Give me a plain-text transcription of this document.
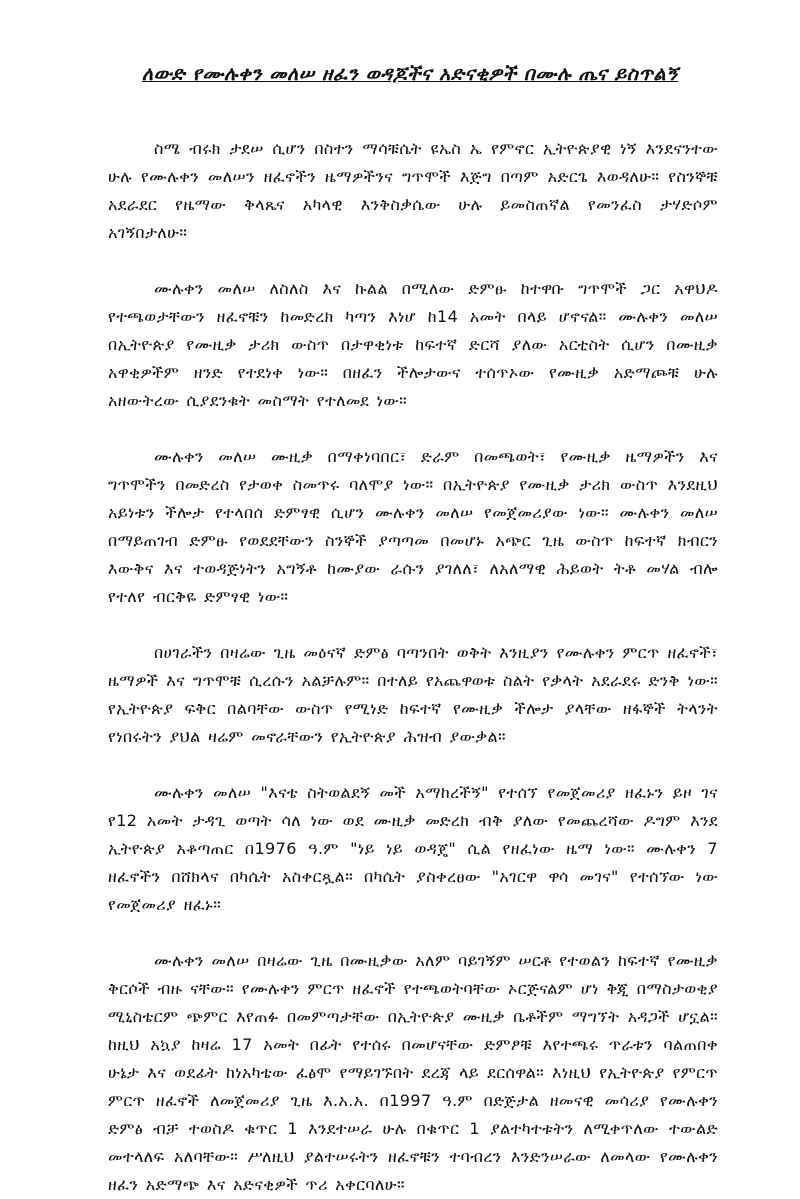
ለውድ የሙሉቀን መለሠ ዘፈን ወዳጆችና አድናቂዎች በሙሉ ጤና ይስጥልኝ

ስሜ ብሩክ ታደሠ ሲሆን በስተን ማሳቹሴት ዩኤስ ኤ የምኖር ኢትዮጵያዊ ነኝ እንደናንተው ሁሉ የሙሉቀን መለሠን ዘፈኖችን ዜማዎችንና ግጥሞች እጅግ በጣም አድርጌ እወዳለሁ። የስንኞቹ አደራደር የዜማው ቅላጼና አካላዊ እንቅስቃሴው ሁሉ ይመስጠኛል የመንፈስ ታሃድሶም አገኝበታለሁ።

ሙሉቀን መለሠ ለስለስ እና ኩልል በሚለው ድምፁ ከተዋቡ ግጥሞች ጋር አዋህዶ የተጫወታቸውን ዘፈኖቹን ከመድረክ ካጣን እነሆ ከ14 አመት በላይ ሆኖናል። ሙሉቀን መለሠ በኢትዮጵያ የሙዚቃ ታሪክ ውስጥ በታዋቂነቱ ከፍተኛ ድርሻ ያለው አርቲስት ሲሆን በሙዚቃ አዋቂዎችም ዘንድ የተደነቀ ነው። በዘፈን ችሎታውና ተሰጥኦው የሙዚቃ አድማጮቹ ሁሉ አዘውትረው ሲያደንቁት መስማት የተለመደ ነው።

ሙሉቀን መለሠ ሙዚቃ በማቀነባበር፣ ድራም በመጫወት፣ የሙዚቃ ዜማዎችን እና ግጥሞችን በመድረስ የታወቀ ስመጥሩ ባለሞያ ነው። በኢትዮጵያ የሙዚቃ ታሪክ ውስጥ እንደዚህ አይነቱን ችሎታ የተላበሰ ድምፃዊ ሲሆን ሙሉቀን መለሠ የመጀመሪያው ነው። ሙሉቀን መለሠ በማይጠገብ ድምፁ የወደደቸውን ስንኞች ያጣጣመ በመሆኑ አጭር ጊዜ ውስጥ ከፍተኛ ክብርን እውቅና እና ተወዳጅነትን አግኝቶ ከሙያው ራሱን ያገለለ፣ ለአለማዊ ሕይወት ትቶ መሃል ብሎ የተለየ ብርቅዬ ድምፃዊ ነው።

በሀገራችን በዛሬው ጊዜ መዕናኛ ድምፅ ባጣንበት ወቅት እንዚያን የሙሉቀን ምርጥ ዘፈኖች፣ ዜማዎች እና ግጥሞቹ ሲረሱን አልቻሉም። በተለይ የአጨዋወቱ ስልት የቃላት አደራደሩ ድንቅ ነው። የኢትዮጵያ ፍቅር በልባቸው ውስጥ የሚነድ ከፍተኛ የሙዚቃ ችሎታ ያላቸው ዘፋኞች ትላንት የነበሩትን ያህል ዛሬም መኖራቸውን የኢትዮጵያ ሕዝብ ያውቃል።

ሙሉቀን መለሠ "እናቴ ስትወልደኝ መች አማከረችኝ" የተሰኘ የመጀመሪያ ዘፈኑን ይዞ ገና የ12 አመት ታዳጊ ወጣት ሳለ ነው ወደ ሙዚቃ መድረክ ብቅ ያለው የመጨረሻው ዶግም እንደ ኢትዮጵያ አቆጣጠር በ1976 ዓ.ም "ነይ ነይ ወዳጄ" ሲል የዘፈነው ዜማ ነው። ሙሉቀን 7 ዘፈኖችን በሸክላና በካሴት አስቀርጿል። በካሴት ያስቀረፀው "አገርዋ ዋሳ መገና" የተሰኘው ነው የመጀመሪያ ዘፈኑ።

ሙሉቀን መለሠ በዛሬው ጊዜ በሙዚቃው አለም ባይገኝም ሠርቶ የተወልን ከፍተኛ የሙዚቃ ቅርሶች ብዙ ናቸው። የሙሉቀን ምርጥ ዘፈኖች የተጫወትባቸው ኦርጅናልም ሆነ ቅጂ በማስታወቂያ ሚኒስቴርም ጭምር እየጠፉ በመምጣታቸው በኢትዮጵያ ሙዚቃ ቤቶችም ማግኘት አዳጋች ሆኗል። ከዚህ አኳያ ከዛሬ 17 አመት በፊት የተሰሩ በመሆናቸው ድምፆቹ እየተጫሩ ጥራቱን ባልጠበቀ ሁኔታ እና ወደፊት ከነአካቴው ፈፅሞ የማይገኙበት ደረጃ ላይ ደርሰዋል። እነዚህ የኢትዮጵያ የምርጥ ምርጥ ዘፈኖች ለመጀመሪያ ጊዜ እ.አ.አ. በ1997 ዓ.ም በድጅታል ዘመናዊ መሳሪያ የሙሉቀን ድምፅ ብቻ ተወስዶ ቁጥር 1 እንደተሠራ ሁሉ በቁጥር 1 ያልተካተቱትን ለሚቀጥለው ተውልድ መተላለፍ አለባቸው። ሥለዚህ ያልተሠሩትን ዘፈኖቹን ተባብረን እንድንሠራው ለመላው የሙሉቀን ዘፈን አድማጭ እና አድናቂዎች ጥሪ አቀርባለሁ።
